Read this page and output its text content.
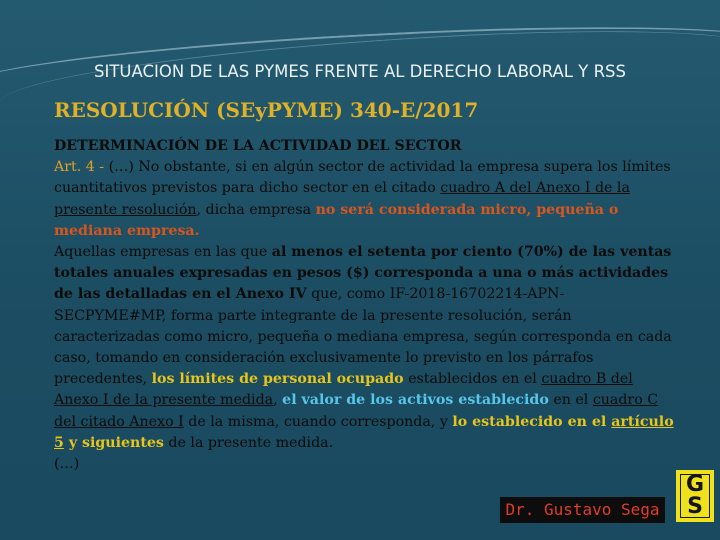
SITUACION DE LAS PYMES FRENTE AL DERECHO LABORAL Y RSS
RESOLUCIÓN (SEyPYME) 340-E/2017

DETERMINACIÓN DE LA ACTIVIDAD DEL SECTOR

Art. 4 - (…) No obstante, si en algún sector de actividad la empresa supera los límites cuantitativos previstos para dicho sector en el citado cuadro A del Anexo I de la presente resolución, dicha empresa no será considerada micro, pequeña o mediana empresa.

Aquellas empresas en las que al menos el setenta por ciento (70%) de las ventas totales anuales expresadas en pesos ($) corresponda a una o más actividades de las detalladas en el Anexo IV que, como IF-2018-16702214-APN-SECPYME#MP, forma parte integrante de la presente resolución, serán caracterizadas como micro, pequeña o mediana empresa, según corresponda en cada caso, tomando en consideración exclusivamente lo previsto en los párrafos precedentes, los límites de personal ocupado establecidos en el cuadro B del Anexo I de la presente medida, el valor de los activos establecido en el cuadro C del citado Anexo I de la misma, cuando corresponda, y lo establecido en el artículo 5 y siguientes de la presente medida.

(…)

Dr. Gustavo Sega
G
S
